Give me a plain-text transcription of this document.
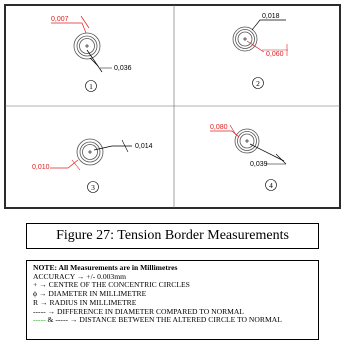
0,007
0,036
1
0,018
0,060
2
0,010
0,014
3
0,080
0,039
4
Figure 27: Tension Border Measurements
NOTE: All Measurements are in Millimetres
ACCURACY → +/- 0.003mm
+ → CENTRE OF THE CONCENTRIC CIRCLES
ϕ → DIAMETER IN MILLIMETRE
R → RADIUS IN MILLIMETRE
----- → DIFFERENCE IN DIAMETER COMPARED TO NORMAL
----- & ----- → DISTANCE BETWEEN THE ALTERED CIRCLE TO NORMAL
